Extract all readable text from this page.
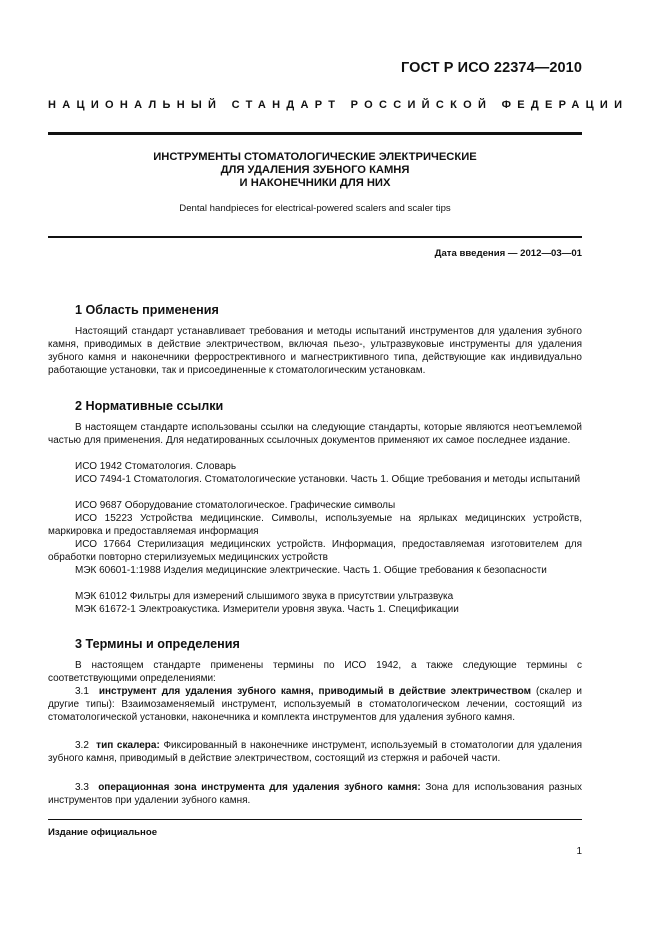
ГОСТ Р ИСО 22374—2010
НАЦИОНАЛЬНЫЙ СТАНДАРТ РОССИЙСКОЙ ФЕДЕРАЦИИ
ИНСТРУМЕНТЫ СТОМАТОЛОГИЧЕСКИЕ ЭЛЕКТРИЧЕСКИЕ
ДЛЯ УДАЛЕНИЯ ЗУБНОГО КАМНЯ
И НАКОНЕЧНИКИ ДЛЯ НИХ
Dental handpieces for electrical-powered scalers and scaler tips
Дата введения — 2012—03—01
1 Область применения
Настоящий стандарт устанавливает требования и методы испытаний инструментов для удаления зубного камня, приводимых в действие электричеством, включая пьезо-, ультразвуковые инструменты для удаления зубного камня и наконечники феррострективного и магнестриктивного типа, действующие как индивидуально работающие установки, так и присоединенные к стоматологическим установкам.
2 Нормативные ссылки
В настоящем стандарте использованы ссылки на следующие стандарты, которые являются неотъемлемой частью для применения. Для недатированных ссылочных документов применяют их самое последнее издание.
ИСО 1942 Стоматология. Словарь
ИСО 7494-1 Стоматология. Стоматологические установки. Часть 1. Общие требования и методы испытаний
ИСО 9687 Оборудование стоматологическое. Графические символы
ИСО 15223 Устройства медицинские. Символы, используемые на ярлыках медицинских устройств, маркировка и предоставляемая информация
ИСО 17664 Стерилизация медицинских устройств. Информация, предоставляемая изготовителем для обработки повторно стерилизуемых медицинских устройств
МЭК 60601-1:1988 Изделия медицинские электрические. Часть 1. Общие требования к безопасности
МЭК 61012 Фильтры для измерений слышимого звука в присутствии ультразвука
МЭК 61672-1 Электроакустика. Измерители уровня звука. Часть 1. Спецификации
3 Термины и определения
В настоящем стандарте применены термины по ИСО 1942, а также следующие термины с соответствующими определениями:
3.1 инструмент для удаления зубного камня, приводимый в действие электричеством (скалер и другие типы): Взаимозаменяемый инструмент, используемый в стоматологическом лечении, состоящий из стоматологической установки, наконечника и комплекта инструментов для удаления зубного камня.
3.2 тип скалера: Фиксированный в наконечнике инструмент, используемый в стоматологии для удаления зубного камня, приводимый в действие электричеством, состоящий из стержня и рабочей части.
3.3 операционная зона инструмента для удаления зубного камня: Зона для использования разных инструментов при удалении зубного камня.
Издание официальное
1
